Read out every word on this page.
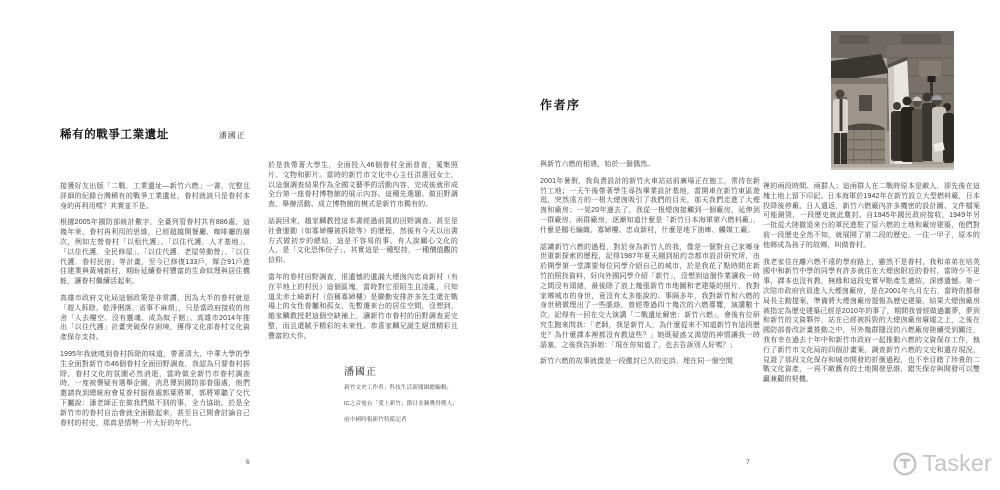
稀有的戰爭工業遺址	潘國正

接獲好友出版「二戰．工業遺址—新竹六燃」一書，完整且詳細的紀錄台灣稀有的戰爭工業遺址，眷村就該只是眷村本身的再利用嗎？其實並不是。

根據2005年國防部統計數字，全臺列管眷村共有886處，這幾年來，眷村再利用的思維，已經超越開餐廳、咖啡廳的層次，例如左營眷村「以租代護」、「以住代護．人才基地」、「以住代護．全民修屋」、「以住代護．老屋勞動營」、「以住代護．眷村民宿」等計畫，至今已修復133戶，媒合91戶進住建業與黃埔新村，期盼延續眷村豐富的生命紋理與居住機能，讓眷村繼續活起來。

高雄市政府文化局這個政策是非常讚，因為大半的眷村就是「趕人拆除、乾淨俐落、省事不麻煩」，只是當政府接收的房舍「人去樓空、沒有靈魂、成為蚊子館」。高雄市2014年推出「以住代護」計畫突破保存困境，獲得文化部眷村文化資產保存支持。

1995年我就嗅到眷村拆除的味道，帶著清大、中華大學的學生全面對新竹市46個眷村全面田野調查，我認為只要眷村拆除，眷村文化的氛圍必然消逝，當時做全新竹市眷村調查時，一度被懷疑有選舉企圖，消息傳到國防部眷服處，他們邀請我到總統府會見眷村服務處郭葉將軍，郭將軍聽了交代下屬說：潘老師正在做我們做不到的事，全力協助。於是全新竹市的眷村自治會就全面動起來，甚至自己開會討論自己眷村的村史，那真是情勢一片大好的年代。

於是我帶著大學生，全面投入46個眷村全面普查，蒐集照片、文物和影片。當時的新竹市文化中心主任洪惠冠女士，以這個調查結果作為全國文藝季的活動內容，完成後就形成全台第一座眷村博物館的展示內容。這種先選題、做田野調查、舉辦活動、成立博物館的模式是新竹市獨有的。

話說回來，趙家麟教授這本書經過前置的田野調查、甚至是社會運動（如寡婦樓被拆除等）的歷程，然後有今天以出書方式做初步的總結，這是不容易的事，有人說關心文化的人，是「文化恐怖份子」，其實這是一種堅持，一種價值觀的信仰。

當年的眷村田野調查，很遺憾的遺漏大煙囪內忠貞新村（有在平地上的村民）這個區塊，當時對它很陌生且凌亂，只知道北赤土崎新村（俗稱寡婦樓）是聯勤安排許多先生還在戰場上的女性眷屬和孤女，先暫遷來台的居住空間，沒想到，趙家麟教授把這個空缺補上，讓新竹市眷村的田野調查更完整，而且還賦予精彩的未來性。恭喜家麟兄誕生絕頂精彩且豐富的大作。

潘國正

新竹文史工作者；科技生活新聞網總編輯；

IC之音電台「愛上新竹」節目金鐘獎得獎人；

前中國時報新竹特派記者

6
作者序

與新竹六燃的相遇，始於一個偶然。

2001年暑假，我負責設計的新竹火車站站前廣場正在施工，常待在新竹工地；一天午後帶著學生尋找畢業設計基地，當開車在新竹東區遊逛，突然遠方的一根大煙囪吸引了我們的目光，那天我們走進了大煙囪和廠房；一晃20年過去了，我從一根煙囪接觸到一個廠房，延伸到一群廠房、兩群廠房，逐漸知道什麼是「新竹日本海軍第六燃料廠」，什麼是鵝毛編織、寡婦樓、忠貞新村，什麼是地下油庫、觸媒工廠。

認識新竹六燃的過程，對於身為新竹人的我，像是一個對自己家鄉身世重新探索的歷程，記得1987年夏天剛到紐約念都市設計研究所，由於開學第一堂課要每位同學介紹自己的城市，於是我花了點時間在新竹拍照找資料，好向外國同學介紹「新竹」，沒想到這個作業讓我一時之間沒有頭緒，最後除了放上幾張新竹市地圖和老建築的照片，我對家鄉城市的身世，竟沒有太多能說的。事隔多年，我對新竹和六燃的身世稍微理出了一些脈絡，曾經帶過四十幾次的六燃導覽，演講數十次，記得有一回在交大演講「二戰遺址解密：新竹六燃」，會後有位研究生跑來問我：「老師，我是新竹人，為什麼從來不知道新竹有這段歷史？為什麼課本裡都沒有教這些？」她既疑惑又渴望的神情讓我一時語塞，之後我告訴她：「現在你知道了，也去告訴別人好嗎？」

新竹六燃的故事就像是一段塵封已久的史詩，埋在同一個空間

裡的兩段時間、兩群人；這兩群人在二戰時原本是敵人，卻先後在這塊土地上留下印記。日本海軍於1942年在新竹設立大型燃料廠，日本投降後停廠、日人遣返，新竹六燃廠內許多機密的設計圖、文件檔案可能銷毀，一段歷史就此塵封。自1945年國民政府接收，1949年另一批從大陸撤退來台的軍民進駐了原六燃的土地和廠房建築，他們對前一段歷史全然不知，就展開了第二段的歷史，一住一甲子，原本的他鄉成為孩子的故鄉，叫做眷村。

我老家住在離六燃不遠的學府路上，雖然不是眷村，我和弟弟在培英國中和新竹中學的同學有許多就住在大煙囪附近的眷村，當時少不更事，課本也沒有教，無緣和這段史實早點產生連結，深感遺憾。第一次陪市政府官員進入大煙囪廠房，是在2001年九月左右，當時的都發局長主動提案，準備將大煙囪廠房提報為歷史建築，結果大煙囪廠房被指定為歷史建築已經是2010年的事了，期間我曾經做過噩夢，夢到和新竹的文資夥伴，站在已經被拆毀的大煙囪廠房廢墟之上，之後在國防部眷改計畫推動之中，另外幾群隱沒的六燃廠房陸續受到關注，我有幸在過去十年中和新竹市政府一起推動六燃的文資保存工作，執行了新竹市文化局的四個計畫案，調查新竹六燃的文史和遺存現況，見證了那段文化保存和城市開發的折衝過程，也不幸目睹了珍貴的二戰文化資產，一再不敵舊有的土地開發思維，錯失保存與開發可以雙贏兼顧的契機。

7	Tasker
